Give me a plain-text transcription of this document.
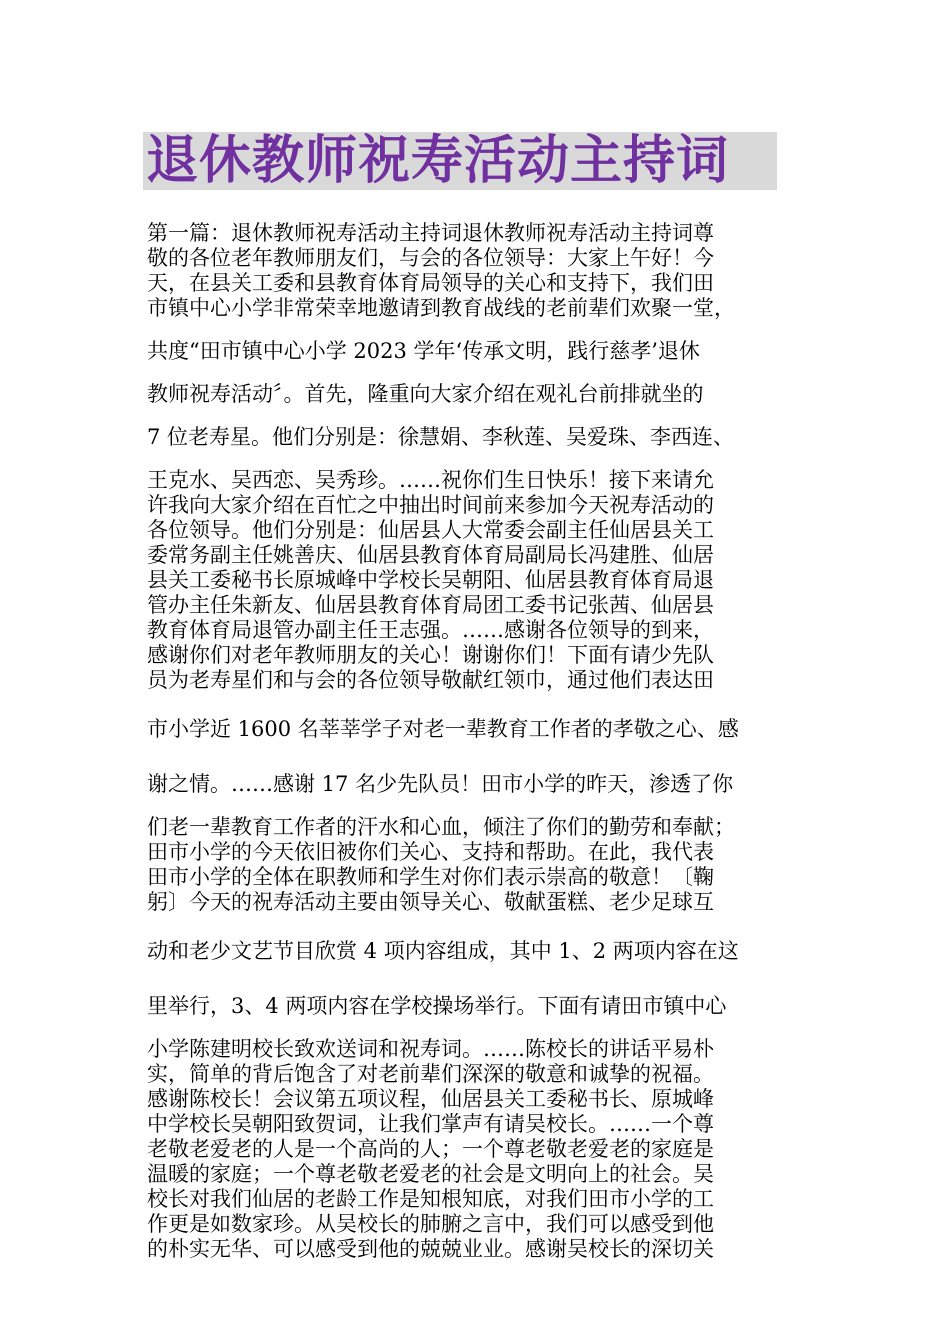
退休教师祝寿活动主持词
第一篇：退休教师祝寿活动主持词退休教师祝寿活动主持词尊
敬的各位老年教师朋友们，与会的各位领导：大家上午好！今
天，在县关工委和县教育体育局领导的关心和支持下，我们田
市镇中心小学非常荣幸地邀请到教育战线的老前辈们欢聚一堂，
共度“田市镇中心小学 2023 学年‘传承文明，践行慈孝’退休
教师祝寿活动〞。首先，隆重向大家介绍在观礼台前排就坐的
7 位老寿星。他们分别是：徐慧娟、李秋莲、吴爱珠、李西连、
王克水、吴西恋、吴秀珍。……祝你们生日快乐！接下来请允
许我向大家介绍在百忙之中抽出时间前来参加今天祝寿活动的
各位领导。他们分别是：仙居县人大常委会副主任仙居县关工
委常务副主任姚善庆、仙居县教育体育局副局长冯建胜、仙居
县关工委秘书长原城峰中学校长吴朝阳、仙居县教育体育局退
管办主任朱新友、仙居县教育体育局团工委书记张茜、仙居县
教育体育局退管办副主任王志强。……感谢各位领导的到来，
感谢你们对老年教师朋友的关心！谢谢你们！下面有请少先队
员为老寿星们和与会的各位领导敬献红领巾，通过他们表达田
市小学近 1600 名莘莘学子对老一辈教育工作者的孝敬之心、感
谢之情。……感谢 17 名少先队员！田市小学的昨天，渗透了你
们老一辈教育工作者的汗水和心血，倾注了你们的勤劳和奉献；
田市小学的今天依旧被你们关心、支持和帮助。在此，我代表
田市小学的全体在职教师和学生对你们表示崇高的敬意！〔鞠
躬〕今天的祝寿活动主要由领导关心、敬献蛋糕、老少足球互
动和老少文艺节目欣赏 4 项内容组成，其中 1、2 两项内容在这
里举行，3、4 两项内容在学校操场举行。下面有请田市镇中心
小学陈建明校长致欢送词和祝寿词。……陈校长的讲话平易朴
实，简单的背后饱含了对老前辈们深深的敬意和诚挚的祝福。
感谢陈校长！会议第五项议程，仙居县关工委秘书长、原城峰
中学校长吴朝阳致贺词，让我们掌声有请吴校长。……一个尊
老敬老爱老的人是一个高尚的人；一个尊老敬老爱老的家庭是
温暖的家庭；一个尊老敬老爱老的社会是文明向上的社会。吴
校长对我们仙居的老龄工作是知根知底，对我们田市小学的工
作更是如数家珍。从吴校长的肺腑之言中，我们可以感受到他
的朴实无华、可以感受到他的兢兢业业。感谢吴校长的深切关
